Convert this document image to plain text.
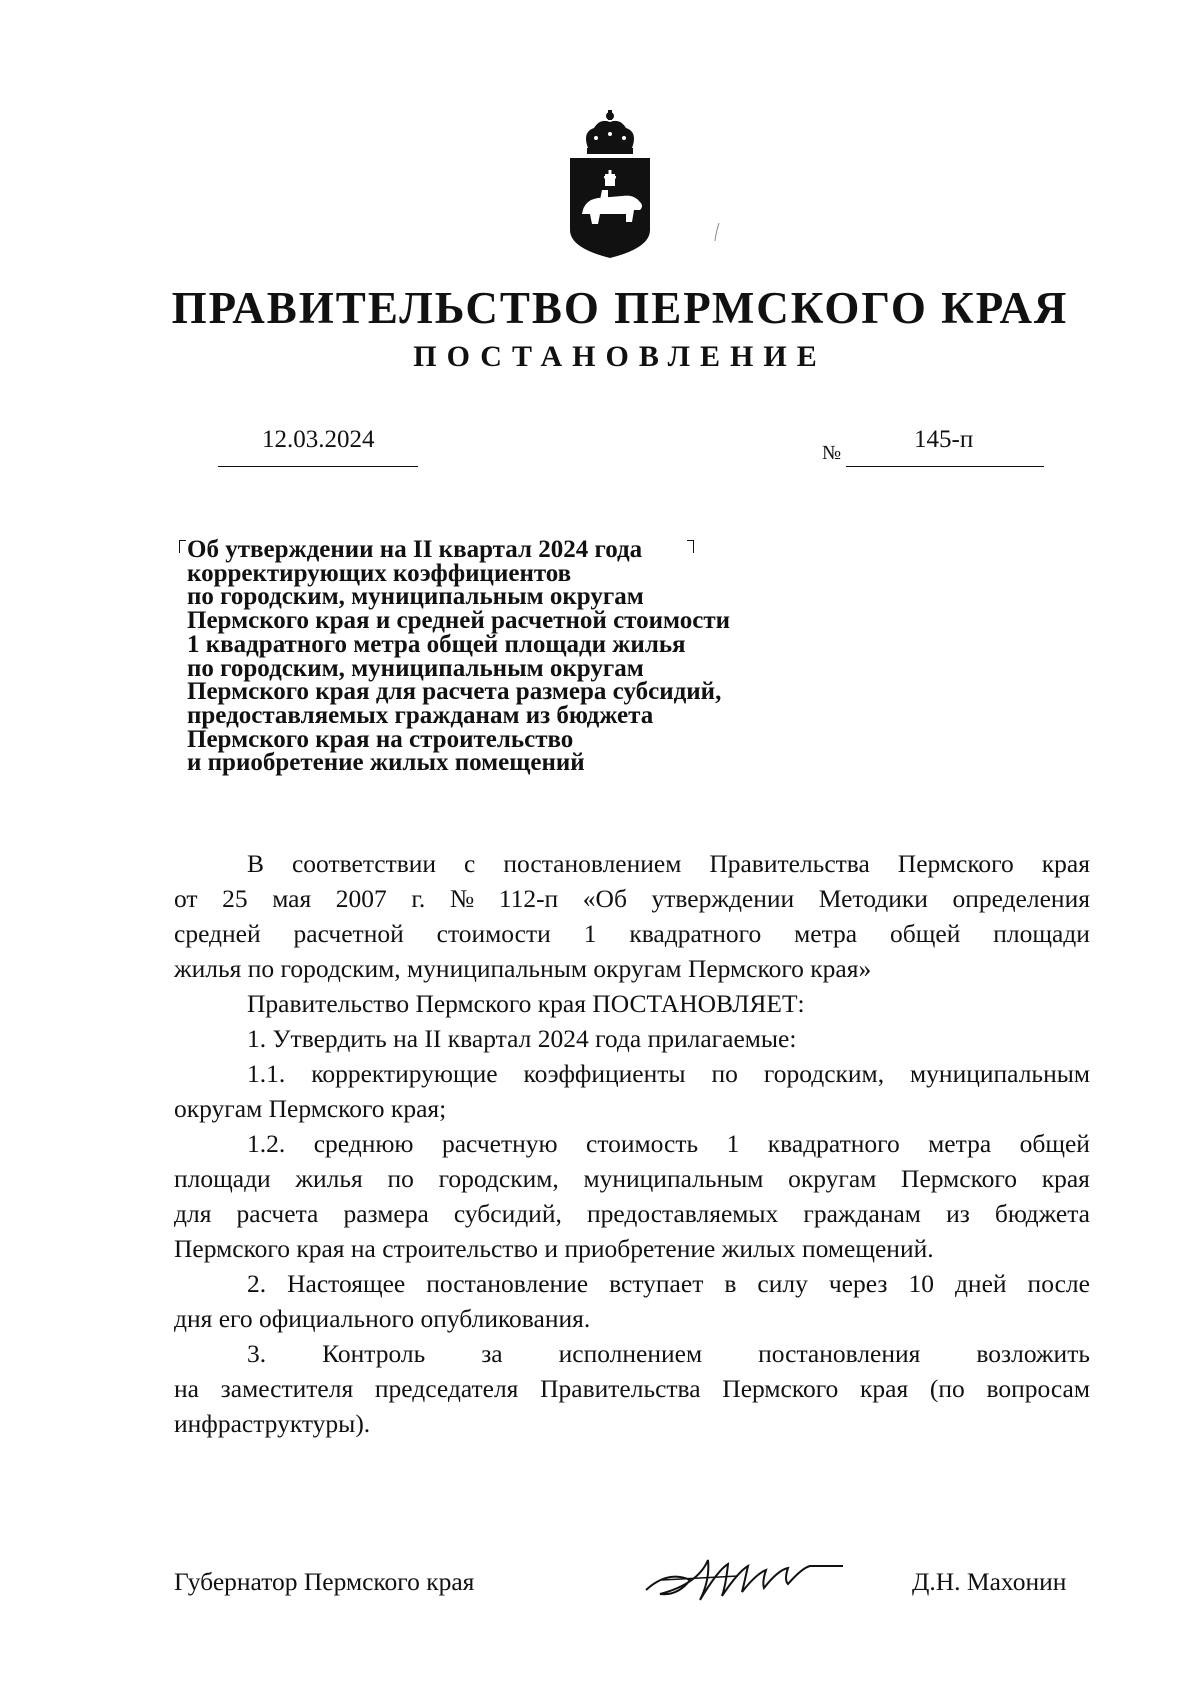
ПРАВИТЕЛЬСТВО ПЕРМСКОГО КРАЯ
ПОСТАНОВЛЕНИЕ
12.03.2024	№	145-п
Об утверждении на II квартал 2024 года
корректирующих коэффициентов
по городским, муниципальным округам
Пермского края и средней расчетной стоимости
1 квадратного метра общей площади жилья
по городским, муниципальным округам
Пермского края для расчета размера субсидий,
предоставляемых гражданам из бюджета
Пермского края на строительство
и приобретение жилых помещений
В соответствии с постановлением Правительства Пермского края
от 25 мая 2007 г. № 112-п «Об утверждении Методики определения
средней расчетной стоимости 1 квадратного метра общей площади
жилья по городским, муниципальным округам Пермского края»
Правительство Пермского края ПОСТАНОВЛЯЕТ:
1. Утвердить на II квартал 2024 года прилагаемые:
1.1. корректирующие коэффициенты по городским, муниципальным
округам Пермского края;
1.2. среднюю расчетную стоимость 1 квадратного метра общей
площади жилья по городским, муниципальным округам Пермского края
для расчета размера субсидий, предоставляемых гражданам из бюджета
Пермского края на строительство и приобретение жилых помещений.
2. Настоящее постановление вступает в силу через 10 дней после
дня его официального опубликования.
3. Контроль за исполнением постановления возложить
на заместителя председателя Правительства Пермского края (по вопросам
инфраструктуры).
Губернатор Пермского края	Д.Н. Махонин
